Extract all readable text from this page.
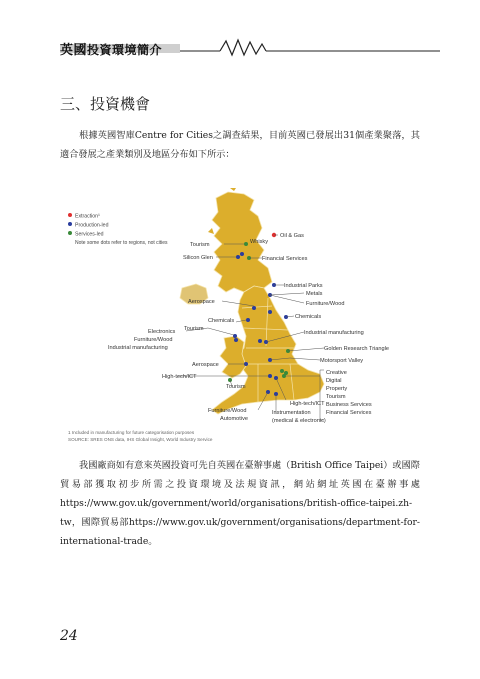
英國投資環境簡介
三、投資機會
根據英國智庫Centre for Cities之調查結果，目前英國已發展出31個產業聚落，其適合發展之產業類別及地區分布如下所示：
Extraction¹
Production-led
Services-led
Note some dots refer to regions, not cities
Oil & Gas
Tourism	Whisky
Silicon Glen	Financial Services
Industrial Parks
Metals
Furniture/Wood
Aerospace
Chemicals
Chemicals
Tourism
Industrial manufacturing
Electronics
Furniture/Wood
Industrial manufacturing	Golden Research Triangle
Aerospace
Motorsport Valley
High-tech/ICT
Tourism
High-tech/ICT
Creative
Digital
Property
Tourism
Business Services
Financial Services
Furniture/Wood
Automotive
Instrumentation
(medical & electronic)
1 Included in manufacturing for future categorisation purposes
SOURCE: SRES ONS data, IHS Global Insight, World Industry Service
我國廠商如有意來英國投資可先自英國在臺辦事處（British Office Taipei）或國際貿易部獲取初步所需之投資環境及法規資訊，網站網址英國在臺辦事處https://www.gov.uk/government/world/organisations/british-office-taipei.zh-tw，國際貿易部https://www.gov.uk/government/organisations/department-for-international-trade。
24
